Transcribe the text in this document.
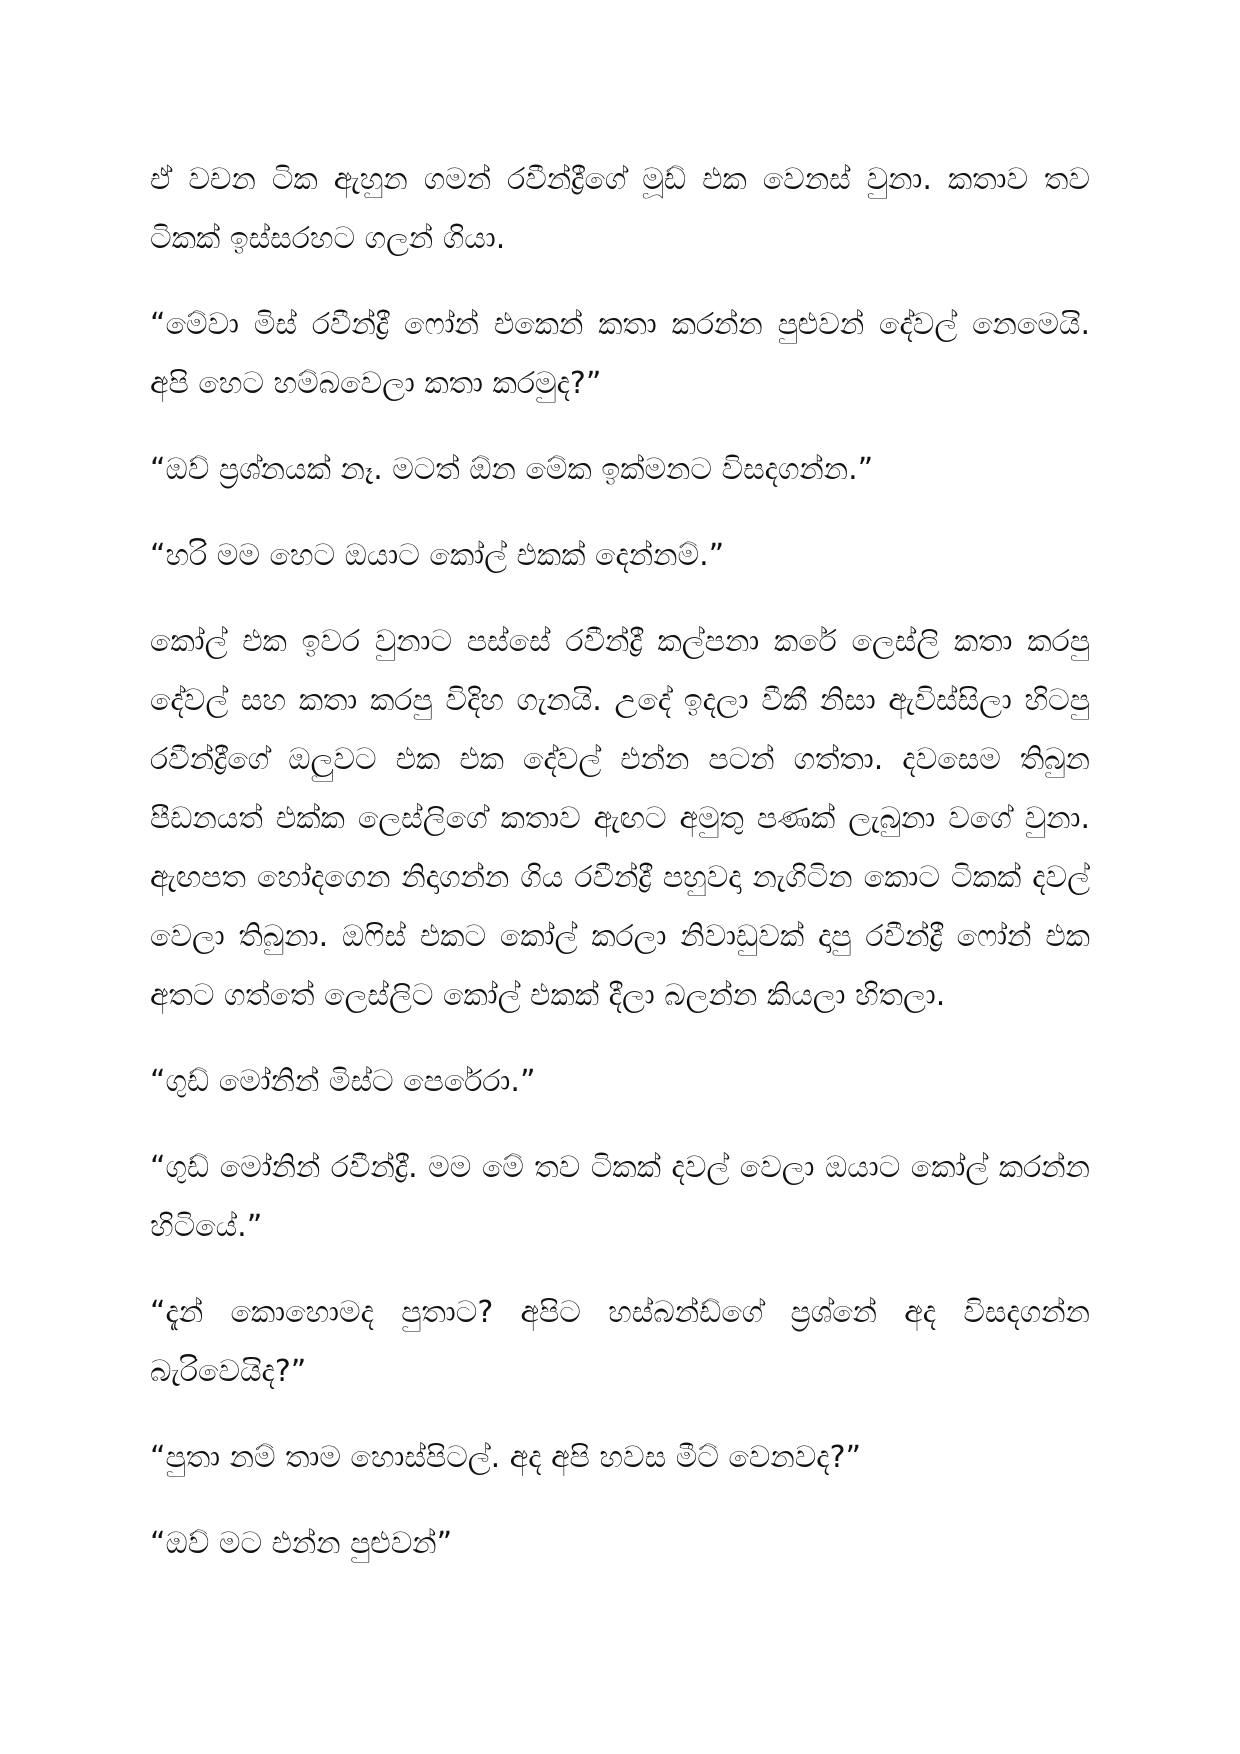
ඒ වචන ටික ඇහුන ගමන් රවීන්ද්‍රීගේ මූඩ් එක වෙනස් වුනා. කතාව තව ටිකක් ඉස්සරහට ගලන් ගියා.

“මේවා මිස් රවීන්ද්‍රී ෆෝන් එකෙන් කතා කරන්න පුළුවන් දේවල් නෙමෙයි. අපි හෙට හම්බවෙලා කතා කරමුද?”

“ඔව් ප්‍රශ්නයක් නෑ. මටත් ඕන මේක ඉක්මනට විසදගන්න.”

“හරි මම හෙට ඔයාට කෝල් එකක් දෙන්නම්.”

කෝල් එක ඉවර වුනාට පස්සේ රවීන්ද්‍රී කල්පනා කරේ ලෙස්ලි කතා කරපු දේවල් සහ කතා කරපු විදිහ ගැනයි. උදේ ඉදලා වීකී නිසා ඇවිස්සිලා හිටපු රවීන්ද්‍රීගේ ඔලුවට එක එක දේවල් එන්න පටන් ගත්තා. දවසෙම තිබුන පීඩනයත් එක්ක ලෙස්ලිගේ කතාව ඇඟට අමුතු පණක් ලැබුනා වගේ වුනා. ඇඟපත හෝදගෙන නිදාගන්න ගිය රවීන්ද්‍රී පහුවදා නැගිටින කොට ටිකක් දවල් වෙලා තිබුනා. ඔෆිස් එකට කෝල් කරලා නිවාඩුවක් දාපු රවීන්ද්‍රී ෆෝන් එක අතට ගත්තේ ලෙස්ලිට කෝල් එකක් දීලා බලන්න කියලා හිතලා.

“ගුඩ් මෝනින් මිස්ට පෙරේරා.”

“ගුඩ් මෝනින් රවීන්ද්‍රී. මම මේ තව ටිකක් දවල් වෙලා ඔයාට කෝල් කරන්න හිටියේ.”

“දැන් කොහොමද පුතාට? අපිට හස්බන්ඩ්ගේ ප්‍රශ්නේ අද විසදගන්න බැරිවෙයිද?”

“පුතා නම් තාම හොස්පිටල්. අද අපි හවස මීට් වෙනවද?”

“ඔව් මට එන්න පුළුවන්”
